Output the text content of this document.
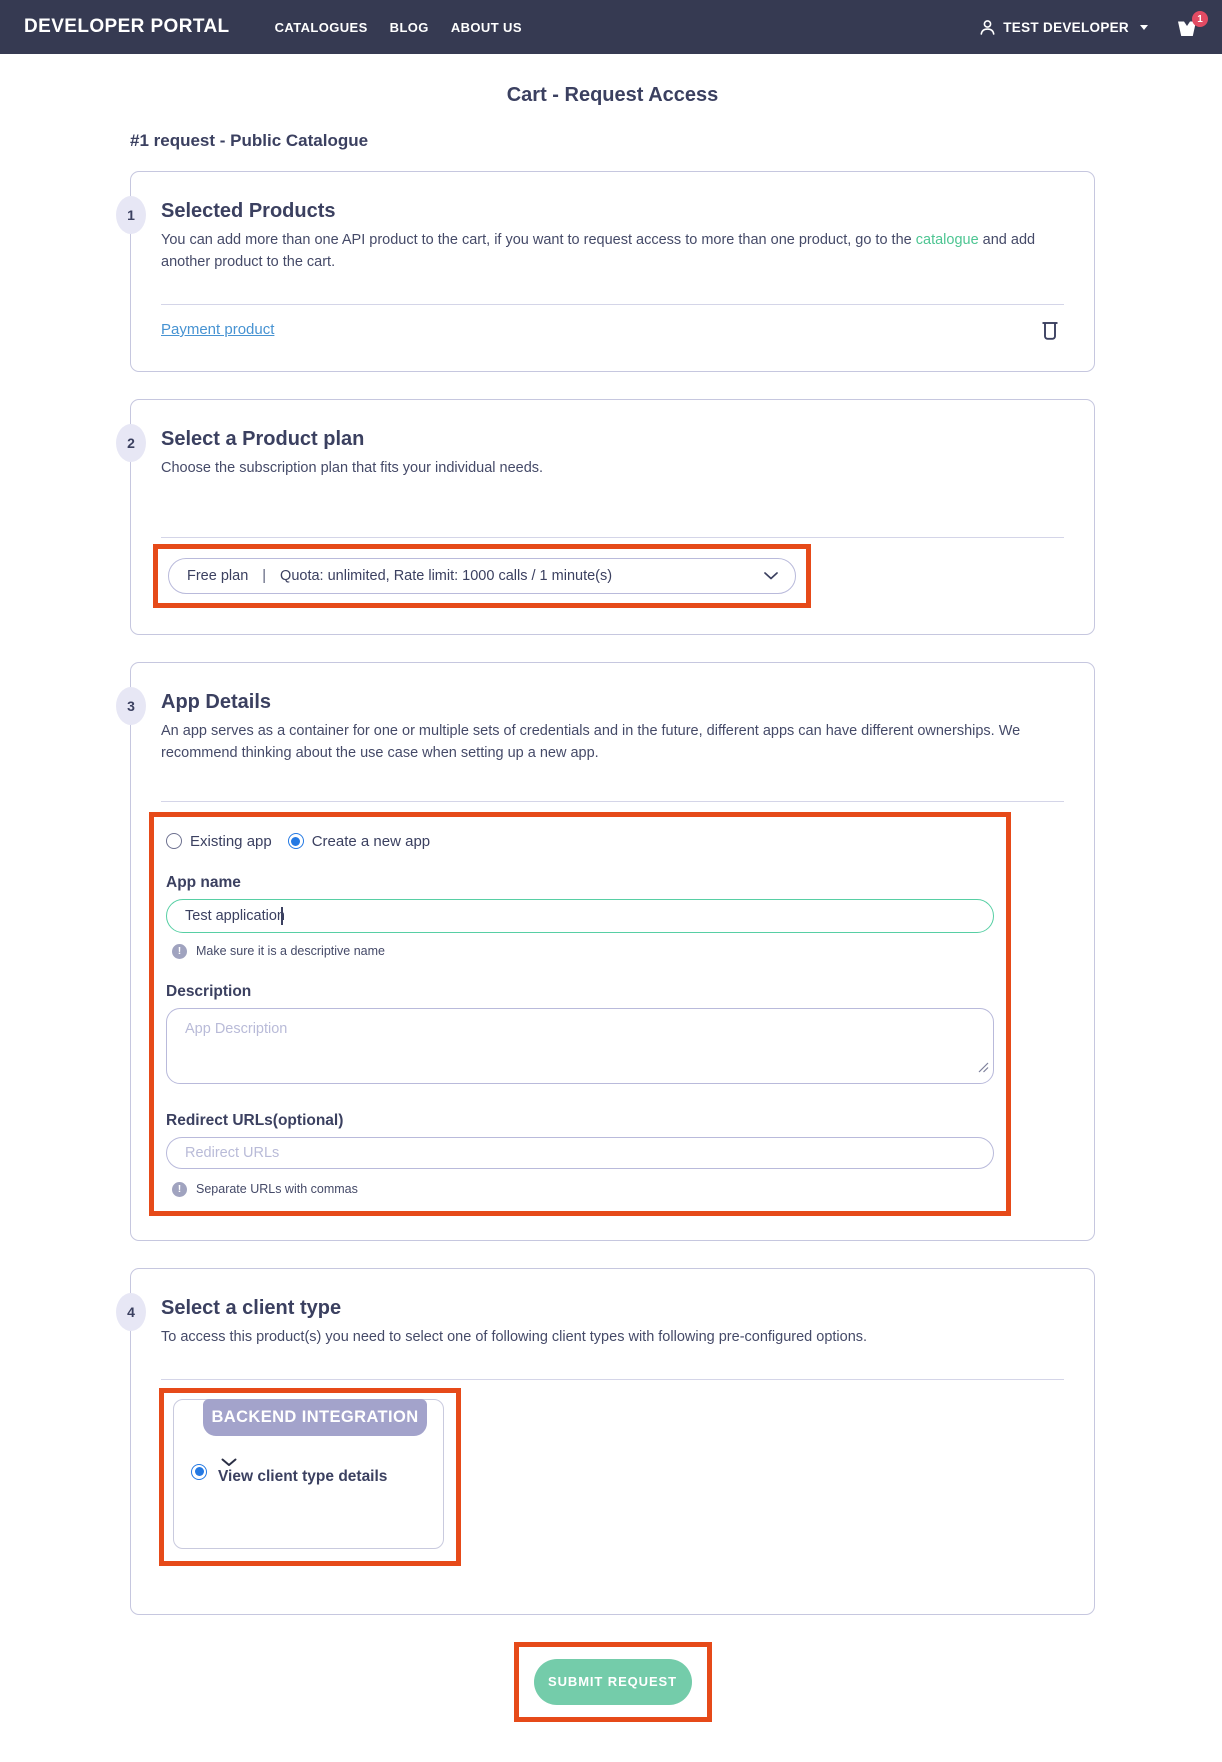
DEVELOPER PORTAL	CATALOGUES BLOG ABOUT US	TEST DEVELOPER
1
Cart - Request Access
#1 request - Public Catalogue
1	Selected Products

You can add more than one API product to the cart, if you want to request access to more than one product, go to the catalogue and add another product to the cart.

Payment product
2	Select a Product plan

Choose the subscription plan that fits your individual needs.

Free plan | Quota: unlimited, Rate limit: 1000 calls / 1 minute(s)
3	App Details

An app serves as a container for one or multiple sets of credentials and in the future, different apps can have different ownerships. We recommend thinking about the use case when setting up a new app.

Existing app	Create a new app
App name
Test application
!	Make sure it is a descriptive name
Description
App Description
Redirect URLs(optional)
Redirect URLs
!	Separate URLs with commas
4	Select a client type

To access this product(s) you need to select one of following client types with following pre-configured options.

BACKEND INTEGRATION
View client type details
SUBMIT REQUEST
